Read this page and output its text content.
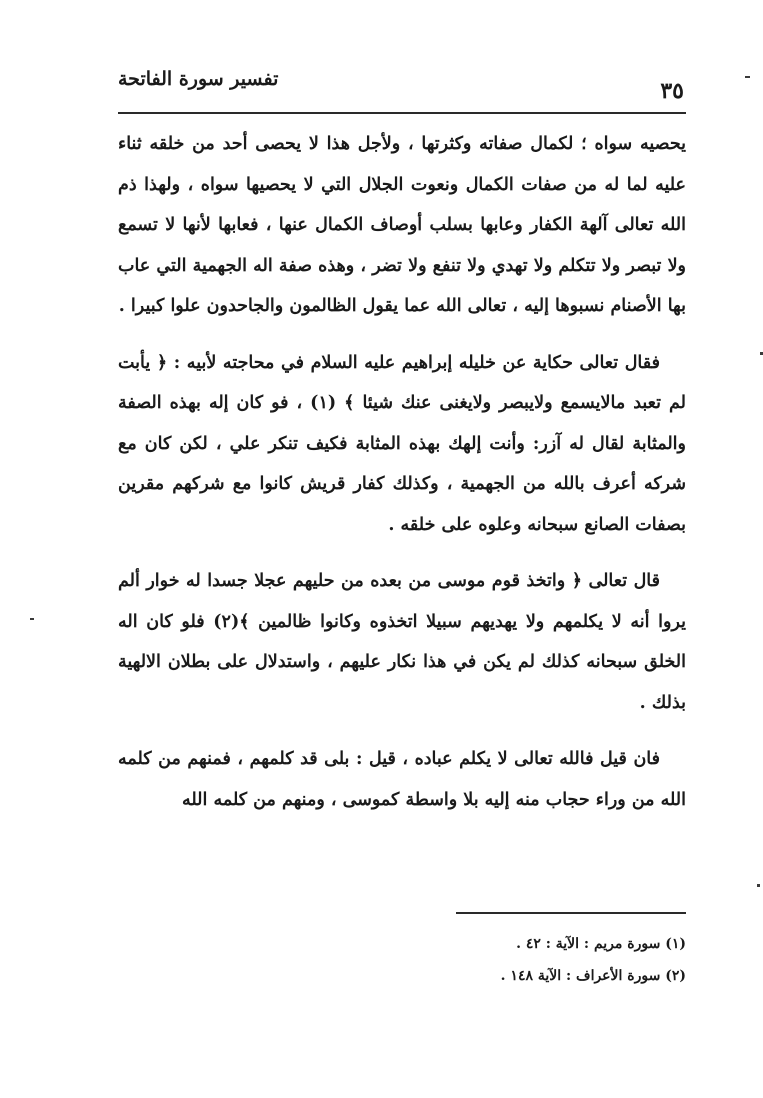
تفسير سورة الفاتحة	٣٥

يحصيه سواه ؛ لكمال صفاته وكثرتها ، ولأجل هذا لا يحصى أحد من خلقه ثناء عليه لما له من صفات الكمال ونعوت الجلال التي لا يحصيها سواه ، ولهذا ذم الله تعالى آلهة الكفار وعابها بسلب أوصاف الكمال عنها ، فعابها لأنها لا تسمع ولا تبصر ولا تتكلم ولا تهدي ولا تنفع ولا تضر ، وهذه صفة اله الجهمية التي عاب بها الأصنام نسبوها إليه ، تعالى الله عما يقول الظالمون والجاحدون علوا كبيرا .

فقال تعالى حكاية عن خليله إبراهيم عليه السلام في محاجته لأبيه : ﴿ يأبت لم تعبد مالايسمع ولايبصر ولايغنى عنك شيئا ﴾ (١) ، فو كان إله بهذه الصفة والمثابة لقال له آزر: وأنت إلهك بهذه المثابة فكيف تنكر علي ، لكن كان مع شركه أعرف بالله من الجهمية ، وكذلك كفار قريش كانوا مع شركهم مقرين بصفات الصانع سبحانه وعلوه على خلقه .

قال تعالى ﴿ واتخذ قوم موسى من بعده من حليهم عجلا جسدا له خوار ألم يروا أنه لا يكلمهم ولا يهديهم سبيلا اتخذوه وكانوا ظالمين ﴾(٢) فلو كان اله الخلق سبحانه كذلك لم يكن في هذا نكار عليهم ، واستدلال على بطلان الالهية بذلك .

فان قيل فالله تعالى لا يكلم عباده ، قيل : بلى قد كلمهم ، فمنهم من كلمه الله من وراء حجاب منه إليه بلا واسطة كموسى ، ومنهم من كلمه الله

(١) سورة مريم : الآية : ٤٢ .
(٢) سورة الأعراف : الآية ١٤٨ .
